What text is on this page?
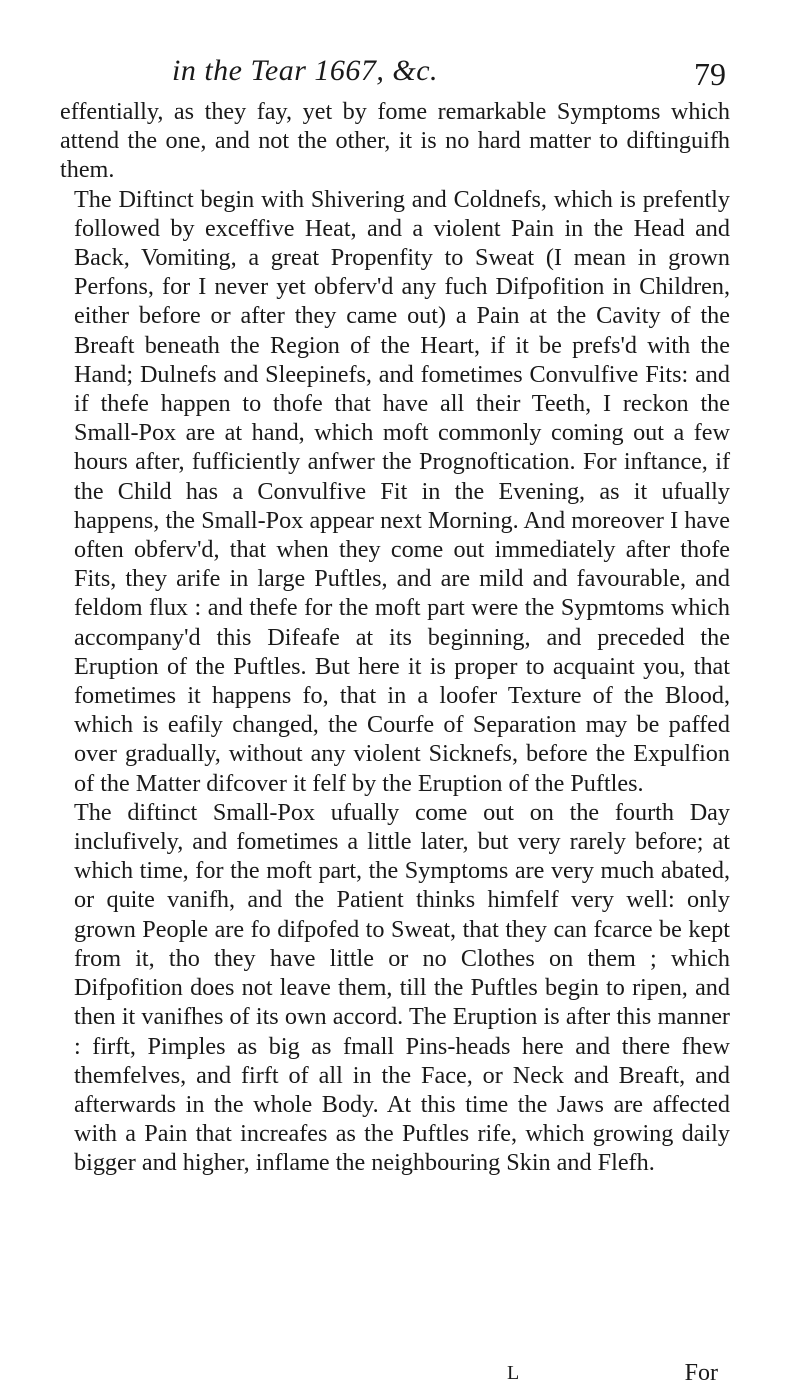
in the Tear 1667, &c.	79

effentially, as they fay, yet by fome remarkable Symptoms which attend the one, and not the other, it is no hard matter to diftinguifh them.

The Diftinct begin with Shivering and Coldnefs, which is prefently followed by exceffive Heat, and a violent Pain in the Head and Back, Vomiting, a great Propenfity to Sweat (I mean in grown Perfons, for I never yet obferv'd any fuch Difpofition in Children, either before or after they came out) a Pain at the Cavity of the Breaft beneath the Region of the Heart, if it be prefs'd with the Hand; Dulnefs and Sleepinefs, and fometimes Convulfive Fits: and if thefe happen to thofe that have all their Teeth, I reckon the Small-Pox are at hand, which moft commonly coming out a few hours after, fufficiently anfwer the Prognoftication. For inftance, if the Child has a Convulfive Fit in the Evening, as it ufually happens, the Small-Pox appear next Morning. And moreover I have often obferv'd, that when they come out immediately after thofe Fits, they arife in large Puftles, and are mild and favourable, and feldom flux : and thefe for the moft part were the Sypmtoms which accompany'd this Difeafe at its beginning, and preceded the Eruption of the Puftles. But here it is proper to acquaint you, that fometimes it happens fo, that in a loofer Texture of the Blood, which is eafily changed, the Courfe of Separation may be paffed over gradually, without any violent Sicknefs, before the Expulfion of the Matter difcover it felf by the Eruption of the Puftles.

The diftinct Small-Pox ufually come out on the fourth Day inclufively, and fometimes a little later, but very rarely before; at which time, for the moft part, the Symptoms are very much abated, or quite vanifh, and the Patient thinks himfelf very well: only grown People are fo difpofed to Sweat, that they can fcarce be kept from it, tho they have little or no Clothes on them ; which Difpofition does not leave them, till the Puftles begin to ripen, and then it vanifhes of its own accord. The Eruption is after this manner : firft, Pimples as big as fmall Pins-heads here and there fhew themfelves, and firft of all in the Face, or Neck and Breaft, and afterwards in the whole Body. At this time the Jaws are affected with a Pain that increafes as the Puftles rife, which growing daily bigger and higher, inflame the neighbouring Skin and Flefh.

L	For
